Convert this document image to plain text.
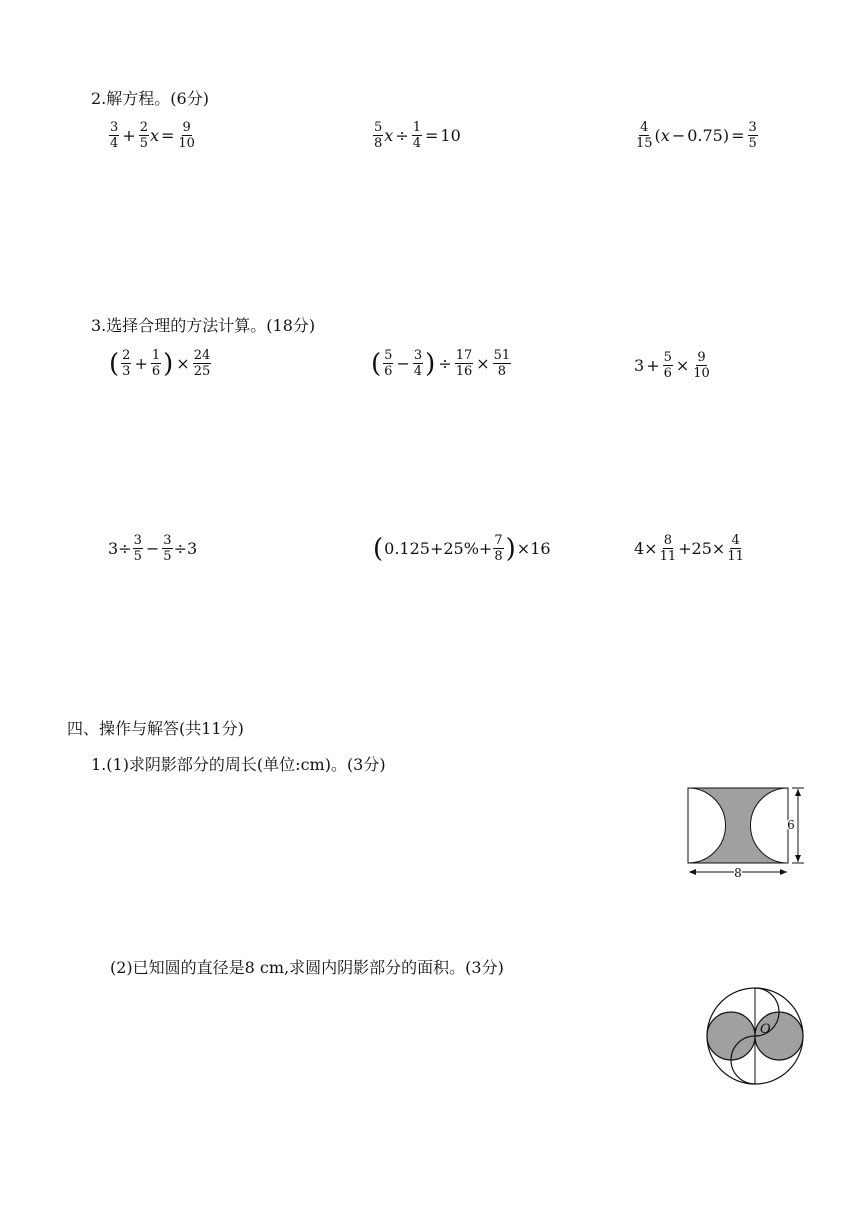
2.解方程。(6分)
$\frac{3}{4} + \frac{2}{5}$ $x = \frac{9}{10}$	$\frac{5}{8}$ $x \div \frac{1}{4} = 10$	$\frac{4}{15}$ ( x − 0.75 ) = $\frac{3}{5}$
3.选择合理的方法计算。(18分)
( $\frac{2}{3} + \frac{1}{6}$ ) × $\frac{24}{25}$	( $\frac{5}{6} - \frac{3}{4}$ ) ÷ $\frac{17}{16} \times \frac{51}{8}$	$3 + \frac{5}{6} \times \frac{9}{10}$
$3\div \frac{3}{5} - \frac{3}{5} \div 3$	( $0.125+25\%+ \frac{7}{8}$ ) ×16	$4\times \frac{8}{11} +25\times \frac{4}{11}$
四、操作与解答(共11分)
1.(1)求阴影部分的周长(单位:cm)。(3分)
6
8
(2)已知圆的直径是8 cm,求圆内阴影部分的面积。(3分)
O
